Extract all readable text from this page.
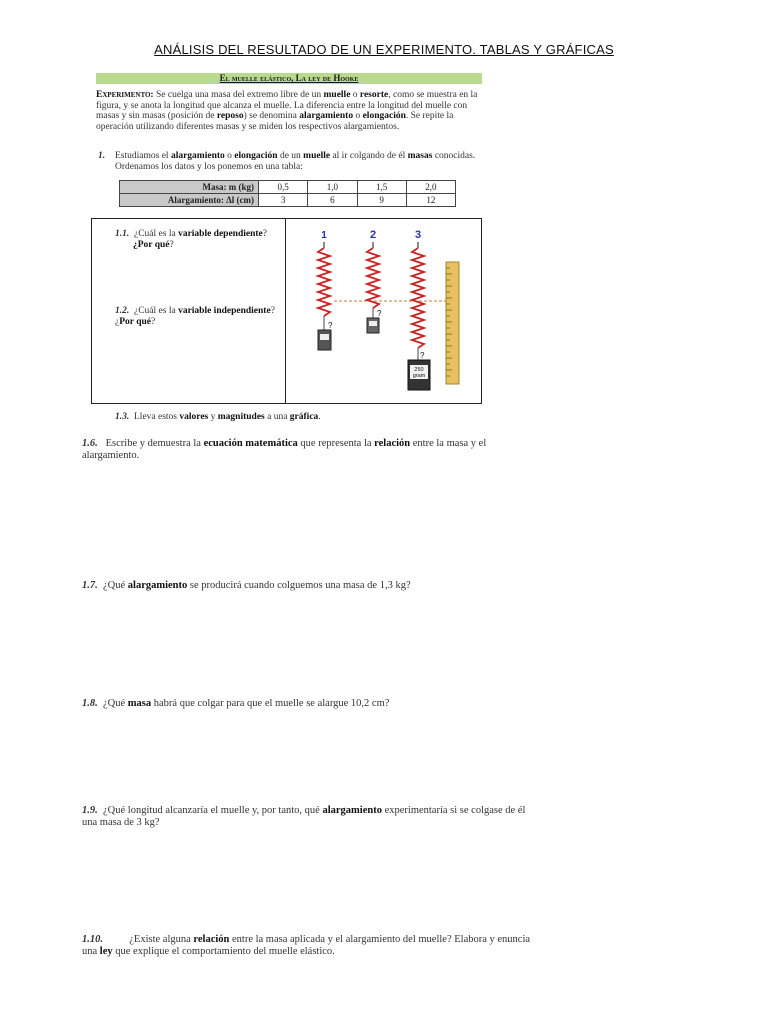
ANÁLISIS DEL RESULTADO DE UN EXPERIMENTO. TABLAS Y GRÁFICAS
El muelle elástico, La ley de Hooke
Experimento: Se cuelga una masa del extremo libre de un muelle o resorte, como se muestra en la figura, y se anota la longitud que alcanza el muelle. La diferencia entre la longitud del muelle con masas y sin masas (posición de reposo) se denomina alargamiento o elongación. Se repite la operación utilizando diferentes masas y se miden los respectivos alargamientos.
1. Estudiamos el alargamiento o elongación de un muelle al ir colgando de él masas conocidas. Ordenamos los datos y los ponemos en una tabla:
Masa: m (kg)	0,5	1,0	1,5	2,0
Alargamiento: Δl (cm)	3	6	9	12
1.1. ¿Cuál es la variable dependiente?
¿Por qué?
1.2. ¿Cuál es la variable independiente? ¿Por qué?
1	2	3
250
gram
?
?
?
1.3. Lleva estos valores y magnitudes a una gráfica.
1.6. Escribe y demuestra la ecuación matemática que representa la relación entre la masa y el alargamiento.
1.7. ¿Qué alargamiento se producirá cuando colguemos una masa de 1,3 kg?
1.8. ¿Qué masa habrá que colgar para que el muelle se alargue 10,2 cm?
1.9. ¿Qué longitud alcanzaría el muelle y, por tanto, qué alargamiento experimentaría si se colgase de él una masa de 3 kg?
1.10.	¿Existe alguna relación entre la masa aplicada y el alargamiento del muelle? Elabora y enuncia una ley que explique el comportamiento del muelle elástico.
